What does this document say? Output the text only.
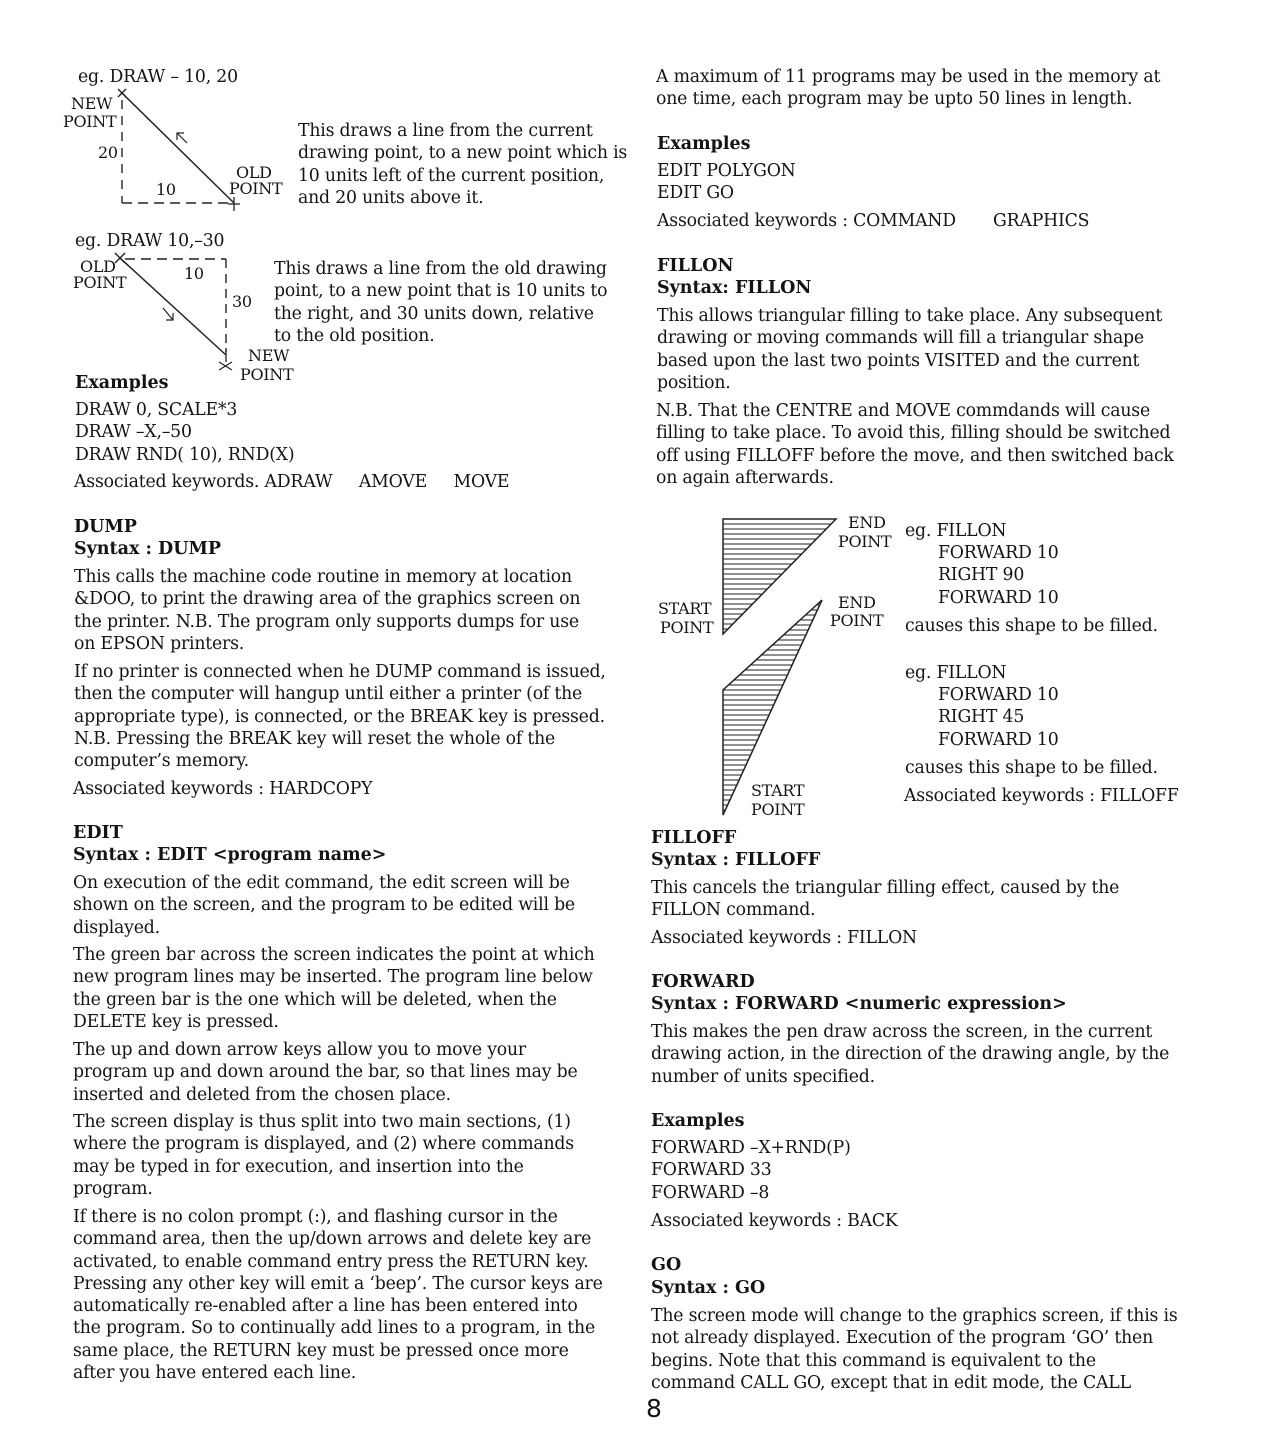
eg. DRAW – 10, 20
NEW
POINT
20
10
OLD
POINT
This draws a line from the current
drawing point, to a new point which is
10 units left of the current position,
and 20 units above it.
eg. DRAW 10,–30
OLD
POINT	10
30
NEW
POINT
This draws a line from the old drawing
point, to a new point that is 10 units to
the right, and 30 units down, relative
to the old position.
Examples
DRAW 0, SCALE*3
DRAW –X,–50
DRAW RND( 10), RND(X)
Associated keywords. ADRAW     AMOVE     MOVE
DUMP
Syntax : DUMP
This calls the machine code routine in memory at location
&DOO, to print the drawing area of the graphics screen on
the printer. N.B. The program only supports dumps for use
on EPSON printers.
If no printer is connected when he DUMP command is issued,
then the computer will hangup until either a printer (of the
appropriate type), is connected, or the BREAK key is pressed.
N.B. Pressing the BREAK key will reset the whole of the
computer’s memory.
Associated keywords : HARDCOPY
EDIT
Syntax : EDIT <program name>
On execution of the edit command, the edit screen will be
shown on the screen, and the program to be edited will be
displayed.
The green bar across the screen indicates the point at which
new program lines may be inserted. The program line below
the green bar is the one which will be deleted, when the
DELETE key is pressed.
The up and down arrow keys allow you to move your
program up and down around the bar, so that lines may be
inserted and deleted from the chosen place.
The screen display is thus split into two main sections, (1)
where the program is displayed, and (2) where commands
may be typed in for execution, and insertion into the
program.
If there is no colon prompt (:), and flashing cursor in the
command area, then the up/down arrows and delete key are
activated, to enable command entry press the RETURN key.
Pressing any other key will emit a ‘beep’. The cursor keys are
automatically re-enabled after a line has been entered into
the program. So to continually add lines to a program, in the
same place, the RETURN key must be pressed once more
after you have entered each line.
A maximum of 11 programs may be used in the memory at
one time, each program may be upto 50 lines in length.
Examples
EDIT POLYGON
EDIT GO
Associated keywords : COMMAND       GRAPHICS
FILLON
Syntax: FILLON
This allows triangular filling to take place. Any subsequent
drawing or moving commands will fill a triangular shape
based upon the last two points VISITED and the current
position.
N.B. That the CENTRE and MOVE commdands will cause
filling to take place. To avoid this, filling should be switched
off using FILLOFF before the move, and then switched back
on again afterwards.
END
POINT
START
POINT
END
POINT
START
POINT
eg. FILLON
FORWARD 10
RIGHT 90
FORWARD 10
causes this shape to be filled.
eg. FILLON
FORWARD 10
RIGHT 45
FORWARD 10
causes this shape to be filled.
Associated keywords : FILLOFF
FILLOFF
Syntax : FILLOFF
This cancels the triangular filling effect, caused by the
FILLON command.
Associated keywords : FILLON
FORWARD
Syntax : FORWARD <numeric expression>
This makes the pen draw across the screen, in the current
drawing action, in the direction of the drawing angle, by the
number of units specified.
Examples
FORWARD –X+RND(P)
FORWARD 33
FORWARD –8
Associated keywords : BACK
GO
Syntax : GO
The screen mode will change to the graphics screen, if this is
not already displayed. Execution of the program ‘GO’ then
begins. Note that this command is equivalent to the
command CALL GO, except that in edit mode, the CALL
8
